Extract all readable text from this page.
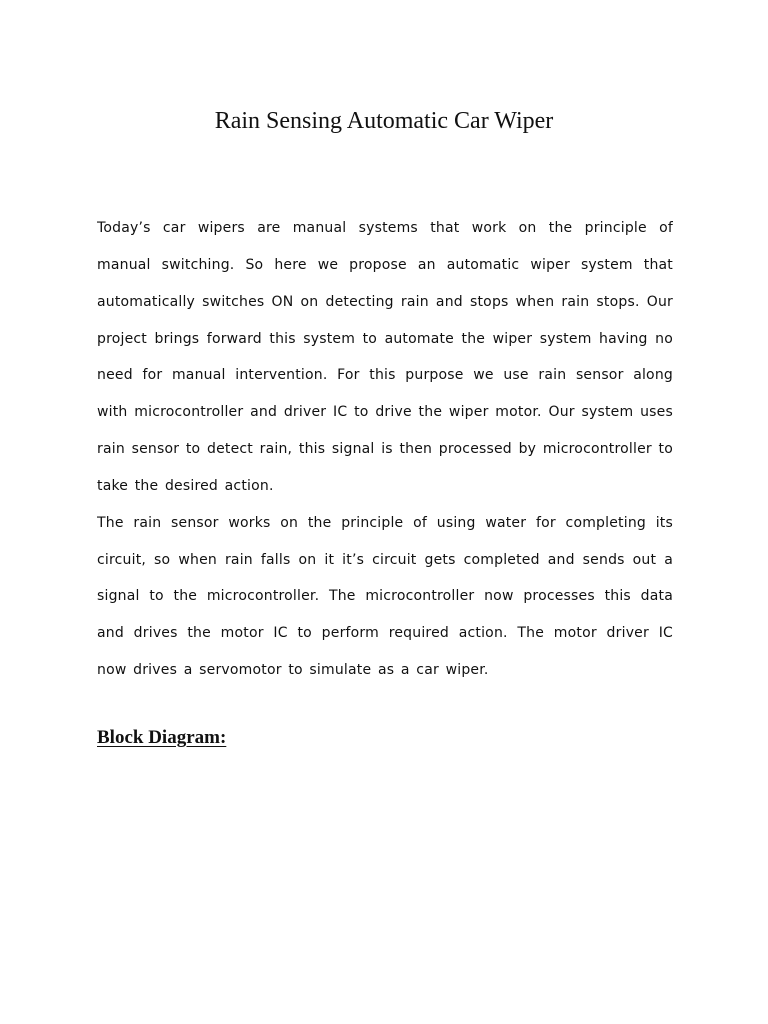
Rain Sensing Automatic Car Wiper
Today’s car wipers are manual systems that work on the principle of
manual switching. So here we propose an automatic wiper system that
automatically switches ON on detecting rain and stops when rain stops. Our
project brings forward this system to automate the wiper system having no
need for manual intervention. For this purpose we use rain sensor along
with microcontroller and driver IC to drive the wiper motor. Our system uses
rain sensor to detect rain, this signal is then processed by microcontroller to
take the desired action.
The rain sensor works on the principle of using water for completing its
circuit, so when rain falls on it it’s circuit gets completed and sends out a
signal to the microcontroller. The microcontroller now processes this data
and drives the motor IC to perform required action. The motor driver IC
now drives a servomotor to simulate as a car wiper.
Block Diagram:
